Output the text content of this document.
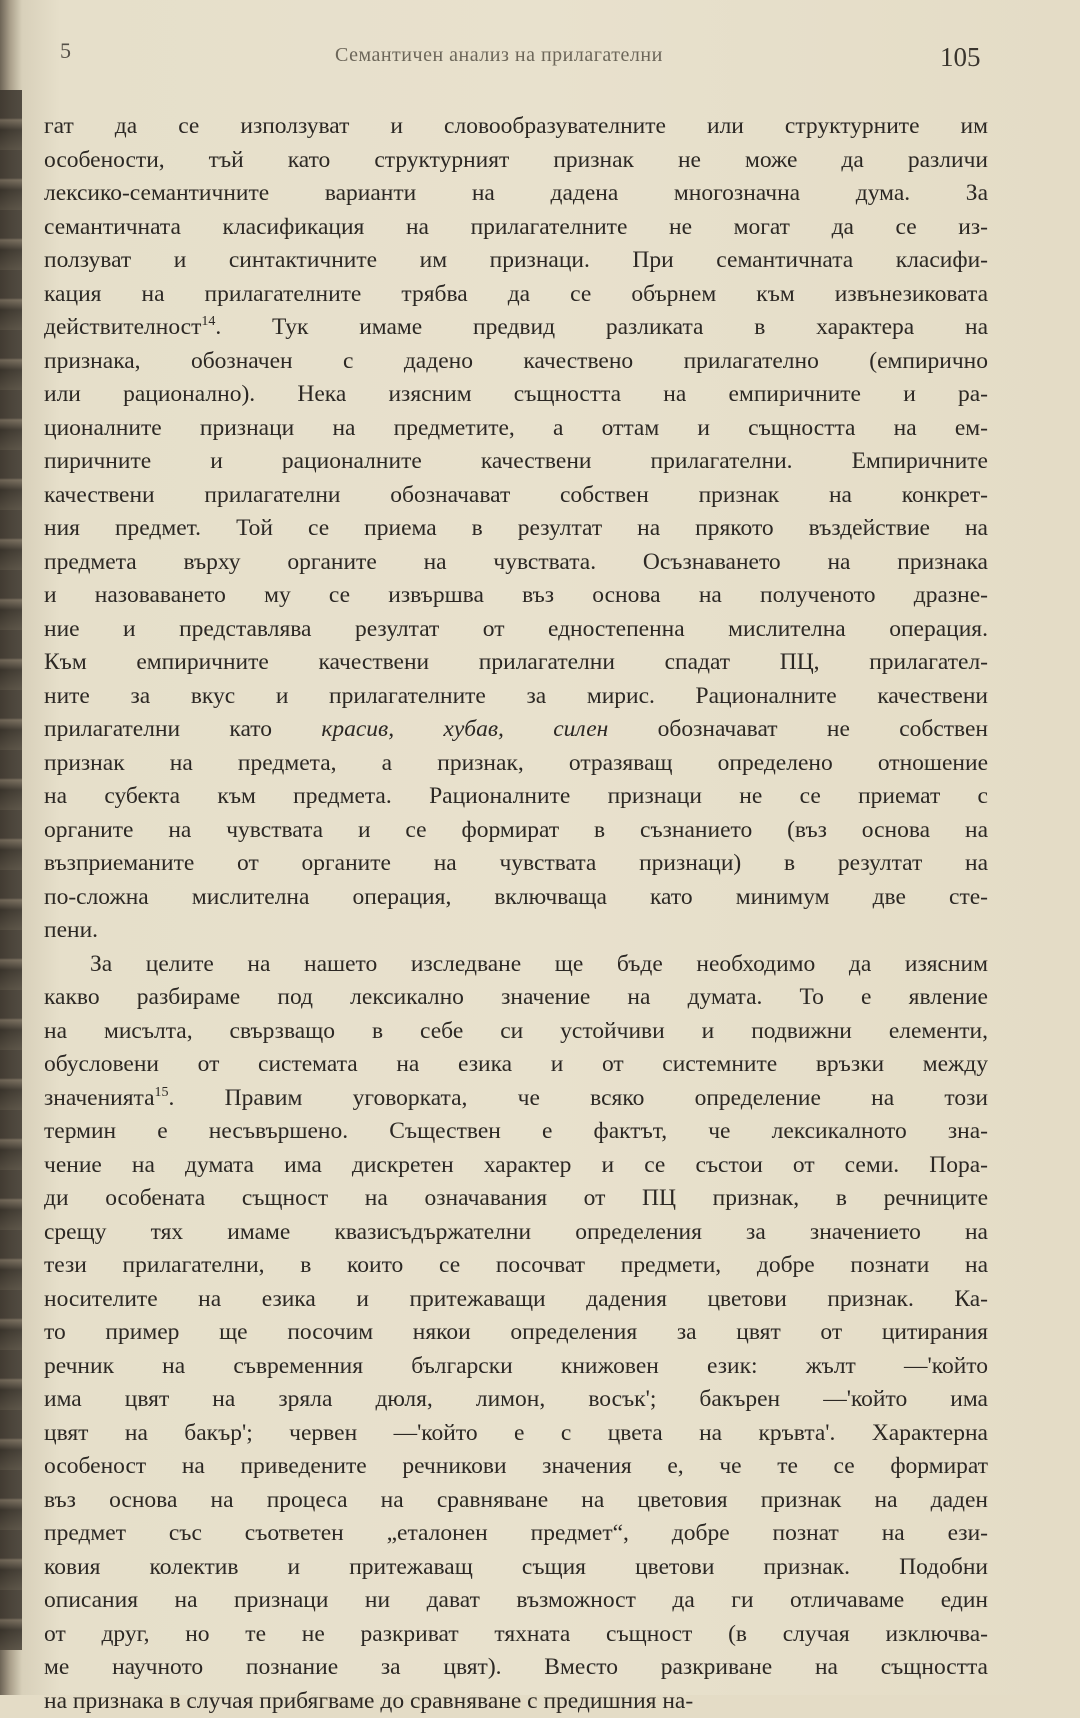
5	Семантичен анализ на прилагателни	105
гат да се използуват и словообразувателните или структурните им
особености, тъй като структурният признак не може да различи
лексико-семантичните варианти на дадена многозначна дума. За
семантичната класификация на прилагателните не могат да се из-
ползуват и синтактичните им признаци. При семантичната класифи-
кация на прилагателните трябва да се обърнем към извънезиковата
действителност$^{14}$. Тук имаме предвид разликата в характера на
признака, обозначен с дадено качествено прилагателно (емпирично
или рационално). Нека изясним същността на емпиричните и ра-
ционалните признаци на предметите, а оттам и същността на ем-
пиричните и рационалните качествени прилагателни. Емпиричните
качествени прилагателни обозначават собствен признак на конкрет-
ния предмет. Той се приема в резултат на прякото въздействие на
предмета върху органите на чувствата. Осъзнаването на признака
и назоваването му се извършва въз основа на полученото дразне-
ние и представлява резултат от едностепенна мислителна операция.
Към емпиричните качествени прилагателни спадат ПЦ, прилагател-
ните за вкус и прилагателните за мирис. Рационалните качествени
прилагателни като красив, хубав, силен обозначават не собствен
признак на предмета, а признак, отразяващ определено отношение
на субекта към предмета. Рационалните признаци не се приемат с
органите на чувствата и се формират в съзнанието (въз основа на
възприеманите от органите на чувствата признаци) в резултат на
по-сложна мислителна операция, включваща като минимум две сте-
пени.
За целите на нашето изследване ще бъде необходимо да изясним
какво разбираме под лексикално значение на думата. То е явление
на мисълта, свързващо в себе си устойчиви и подвижни елементи,
обусловени от системата на езика и от системните връзки между
значенията$^{15}$. Правим уговорката, че всяко определение на този
термин е несъвършено. Съществен е фактът, че лексикалното зна-
чение на думата има дискретен характер и се състои от семи. Пора-
ди особената същност на означавания от ПЦ признак, в речниците
срещу тях имаме квазисъдържателни определения за значението на
тези прилагателни, в които се посочват предмети, добре познати на
носителите на езика и притежаващи дадения цветови признак. Ка-
то пример ще посочим някои определения за цвят от цитирания
речник на съвременния български книжовен език: жълт —'който
има цвят на зряла дюля, лимон, восък'; бакърен —'който има
цвят на бакър'; червен —'който е с цвета на кръвта'. Характерна
особеност на приведените речникови значения е, че те се формират
въз основа на процеса на сравняване на цветовия признак на даден
предмет със съответен „еталонен предмет“, добре познат на ези-
ковия колектив и притежаващ същия цветови признак. Подобни
описания на признаци ни дават възможност да ги отличаваме един
от друг, но те не разкриват тяхната същност (в случая изключва-
ме научното познание за цвят). Вместо разкриване на същността
на признака в случая прибягваме до сравняване с предишния на-
